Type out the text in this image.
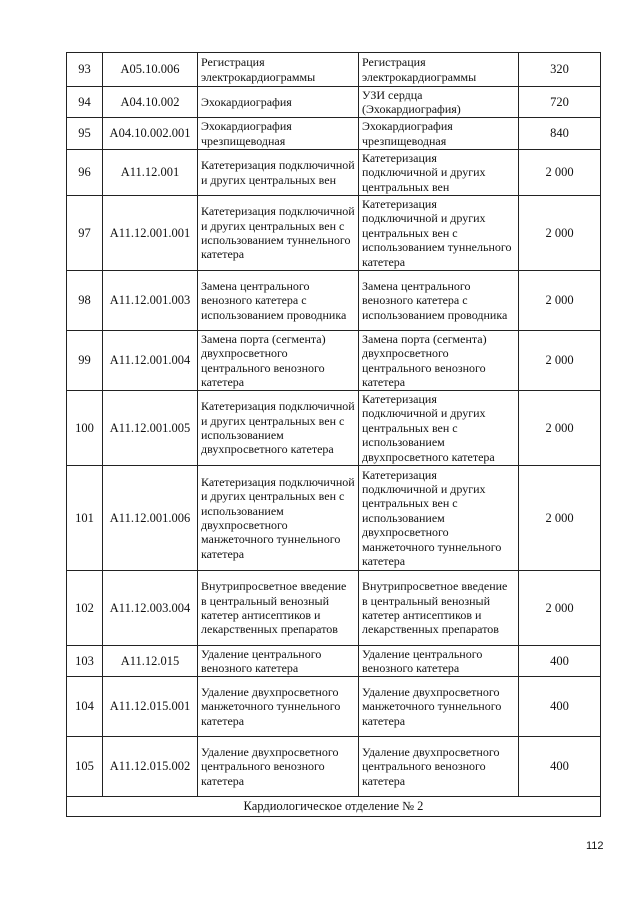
93	A05.10.006	Регистрация электрокардиограммы	Регистрация электрокардиограммы	320
94	A04.10.002	Эхокардиография	УЗИ сердца (Эхокардиография)	720
95	A04.10.002.001	Эхокардиография чрезпищеводная	Эхокардиография чрезпищеводная	840
96	A11.12.001	Катетеризация подключичной и других центральных вен	Катетеризация подключичной и других центральных вен	2 000
97	A11.12.001.001	Катетеризация подключичной и других центральных вен с использованием туннельного катетера	Катетеризация подключичной и других центральных вен с использованием туннельного катетера	2 000
98	A11.12.001.003	Замена центрального венозного катетера с использованием проводника	Замена центрального венозного катетера с использованием проводника	2 000
99	A11.12.001.004	Замена порта (сегмента) двухпросветного центрального венозного катетера	Замена порта (сегмента) двухпросветного центрального венозного катетера	2 000
100	A11.12.001.005	Катетеризация подключичной и других центральных вен с использованием двухпросветного катетера	Катетеризация подключичной и других центральных вен с использованием двухпросветного катетера	2 000
101	A11.12.001.006	Катетеризация подключичной и других центральных вен с использованием двухпросветного манжеточного туннельного катетера	Катетеризация подключичной и других центральных вен с использованием двухпросветного манжеточного туннельного катетера	2 000
102	A11.12.003.004	Внутрипросветное введение в центральный венозный катетер антисептиков и лекарственных препаратов	Внутрипросветное введение в центральный венозный катетер антисептиков и лекарственных препаратов	2 000
103	A11.12.015	Удаление центрального венозного катетера	Удаление центрального венозного катетера	400
104	A11.12.015.001	Удаление двухпросветного манжеточного туннельного катетера	Удаление двухпросветного манжеточного туннельного катетера	400
105	A11.12.015.002	Удаление двухпросветного центрального венозного катетера	Удаление двухпросветного центрального венозного катетера	400
Кардиологическое отделение № 2				
112
